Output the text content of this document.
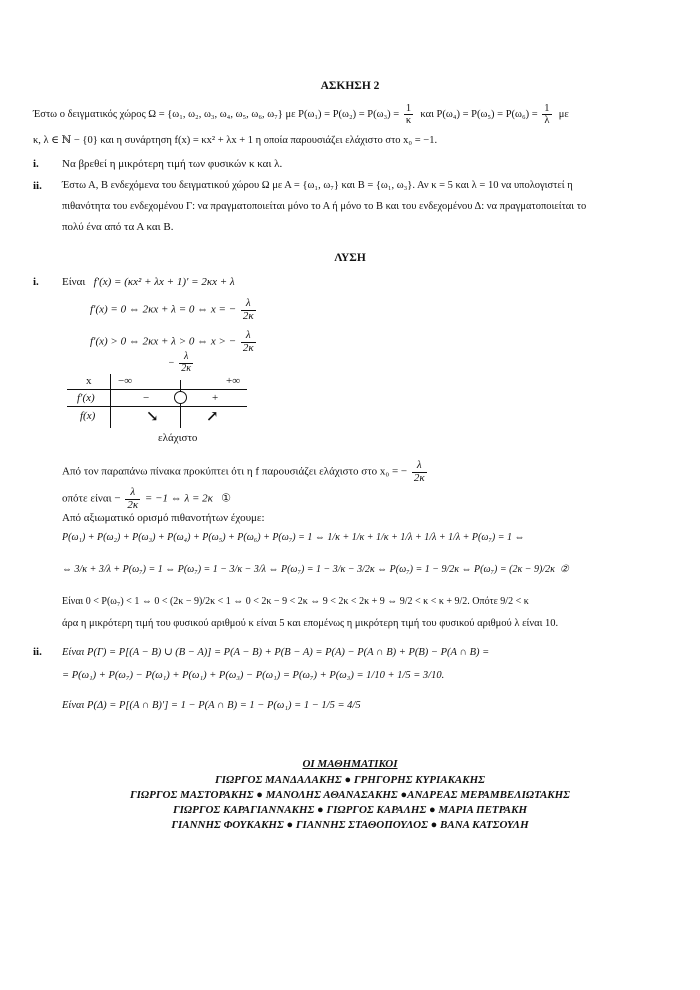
ΑΣΚΗΣΗ 2
Έστω ο δειγματικός χώρος Ω = {ω₁, ω₂, ω₃, ω₄, ω₅, ω₆, ω₇} με $P(\omega_1) = P(\omega_2) = P(\omega_3) = \frac{1}{\kappa}$ και $P(\omega_4) = P(\omega_5) = P(\omega_6) = \frac{1}{\lambda}$ με
κ, λ ∈ ℕ − {0} και η συνάρτηση f(x) = κx² + λx + 1 η οποία παρουσιάζει ελάχιστο στο x₀ = −1.
i. Να βρεθεί η μικρότερη τιμή των φυσικών κ και λ.
ii. Έστω Α, Β ενδεχόμενα του δειγματικού χώρου Ω με Α = {ω₁, ω₇} και Β = {ω₁, ω₃}. Αν κ = 5 και λ = 10 να υπολογιστεί η
πιθανότητα του ενδεχομένου Γ: να πραγματοποιείται μόνο το Α ή μόνο το Β και του ενδεχομένου Δ: να πραγματοποιείται το
πολύ ένα από τα Α και Β.
ΛΥΣΗ
i. Είναι f′(x) = (κx² + λx + 1)′ = 2κx + λ
f′(x) = 0 ⇔ 2κx + λ = 0 ⇔ x = − $\frac{\lambda}{2\kappa}$
f′(x) > 0 ⇔ 2κx + λ > 0 ⇔ x > − $\frac{\lambda}{2\kappa}$
− $\frac{\lambda}{2\kappa}$
x −∞	+∞
f′(x)	−	+
f(x)	↘	↗
ελάχιστο
Από τον παραπάνω πίνακα προκύπτει ότι η f παρουσιάζει ελάχιστο στο x₀ = − $\frac{\lambda}{2\kappa}$
οπότε $\varepsilon ί\nu\alpha\iota - \frac{\lambda}{2\kappa} = -1$ ⇔ λ = 2κ ①
Από αξιωματικό ορισμό πιθανοτήτων έχουμε:
P(ω₁) + P(ω₂) + P(ω₃) + P(ω₄) + P(ω₅) + P(ω₆) + P(ω₇) = 1 ⇔ 1/κ + 1/κ + 1/κ + 1/λ + 1/λ + 1/λ + P(ω₇) = 1 ⇔
⇔ 3/κ + 3/λ + P(ω₇) = 1 ⇔ P(ω₇) = 1 − 3/κ − 3/λ ⇔ P(ω₇) = 1 − 3/κ − 3/2κ ⇔ P(ω₇) = 1 − 9/2κ ⇔ P(ω₇) = (2κ − 9)/2κ ②
Είναι 0 < P(ω₇) < 1 ⇔ 0 < (2κ − 9)/2κ < 1 ⇔ 0 < 2κ − 9 < 2κ ⇔ 9 < 2κ < 2κ + 9 ⇔ 9/2 < κ < κ + 9/2. Οπότε 9/2 < κ
άρα η μικρότερη τιμή του φυσικού αριθμού κ είναι 5 και επομένως η μικρότερη τιμή του φυσικού αριθμού λ είναι 10.
ii. Είναι P(Γ) = P[(Α − Β) ∪ (Β − Α)] = P(Α − Β) + P(Β − Α) = P(Α) − P(Α ∩ Β) + P(Β) − P(Α ∩ Β) =
= P(ω₁) + P(ω₇) − P(ω₁) + P(ω₁) + P(ω₃) − P(ω₁) = P(ω₇) + P(ω₃) = 1/10 + 1/5 = 3/10.
Είναι P(Δ) = P[(Α ∩ Β)′] = 1 − P(Α ∩ Β) = 1 − P(ω₁) = 1 − 1/5 = 4/5
ΟΙ ΜΑΘΗΜΑΤΙΚΟΙ
ΓΙΩΡΓΟΣ ΜΑΝΔΑΛΑΚΗΣ ● ΓΡΗΓΟΡΗΣ ΚΥΡΙΑΚΑΚΗΣ
ΓΙΩΡΓΟΣ ΜΑΣΤΟΡΑΚΗΣ ● ΜΑΝΟΛΗΣ ΑΘΑΝΑΣΑΚΗΣ ●ΑΝΔΡΕΑΣ ΜΕΡΑΜΒΕΛΙΩΤΑΚΗΣ
ΓΙΩΡΓΟΣ ΚΑΡΑΓΙΑΝΝΑΚΗΣ ● ΓΙΩΡΓΟΣ ΚΑΡΑΛΗΣ ● ΜΑΡΙΑ ΠΕΤΡΑΚΗ
ΓΙΑΝΝΗΣ ΦΟΥΚΑΚΗΣ ● ΓΙΑΝΝΗΣ ΣΤΑΘΟΠΟΥΛΟΣ ● ΒΑΝΑ ΚΑΤΣΟΥΛΗ
